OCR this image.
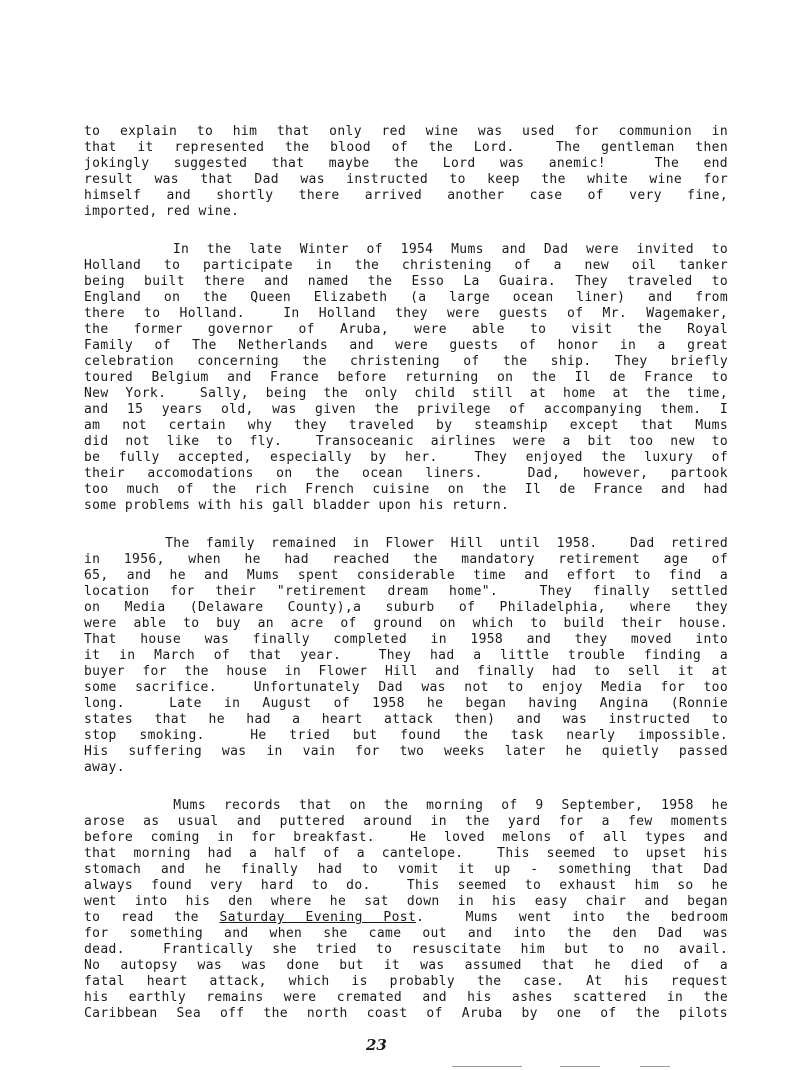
to explain to him that only red wine was used for communion in
that it represented the blood of the Lord.  The gentleman then
jokingly suggested that maybe the Lord was anemic!  The end
result was that Dad was instructed to keep the white wine for
himself and shortly there arrived another case of very fine,
imported, red wine.
In the late Winter of 1954 Mums and Dad were invited to
Holland to participate in the christening of a new oil tanker
being built there and named the Esso La Guaira. They traveled to
England on the Queen Elizabeth (a large ocean liner) and from
there to Holland.  In Holland they were guests of Mr. Wagemaker,
the former governor of Aruba, were able to visit the Royal
Family of The Netherlands and were guests of honor in a great
celebration concerning the christening of the ship. They briefly
toured Belgium and France before returning on the Il de France to
New York.  Sally, being the only child still at home at the time,
and 15 years old, was given the privilege of accompanying them. I
am not certain why they traveled by steamship except that Mums
did not like to fly.  Transoceanic airlines were a bit too new to
be fully accepted, especially by her.  They enjoyed the luxury of
their accomodations on the ocean liners.  Dad, however, partook
too much of the rich French cuisine on the Il de France and had
some problems with his gall bladder upon his return.
The family remained in Flower Hill until 1958.  Dad retired
in 1956, when he had reached the mandatory retirement age of
65, and he and Mums spent considerable time and effort to find a
location for their "retirement dream home".  They finally settled
on Media (Delaware County),a suburb of Philadelphia, where they
were able to buy an acre of ground on which to build their house.
That house was finally completed in 1958 and they moved into
it in March of that year.  They had a little trouble finding a
buyer for the house in Flower Hill and finally had to sell it at
some sacrifice.  Unfortunately Dad was not to enjoy Media for too
long.  Late in August of 1958 he began having Angina (Ronnie
states that he had a heart attack then) and was instructed to
stop smoking.  He tried but found the task nearly impossible.
His suffering was in vain for two weeks later he quietly passed
away.
Mums records that on the morning of 9 September, 1958 he
arose as usual and puttered around in the yard for a few moments
before coming in for breakfast.  He loved melons of all types and
that morning had a half of a cantelope.  This seemed to upset his
stomach and he finally had to vomit it up - something that Dad
always found very hard to do.  This seemed to exhaust him so he
went into his den where he sat down in his easy chair and began
to read the Saturday Evening Post.  Mums went into the bedroom
for something and when she came out and into the den Dad was
dead.  Frantically she tried to resuscitate him but to no avail.
No autopsy was was done but it was assumed that he died of a
fatal heart attack, which is probably the case. At his request
his earthly remains were cremated and his ashes scattered in the
Caribbean Sea off the north coast of Aruba by one of the pilots
23
